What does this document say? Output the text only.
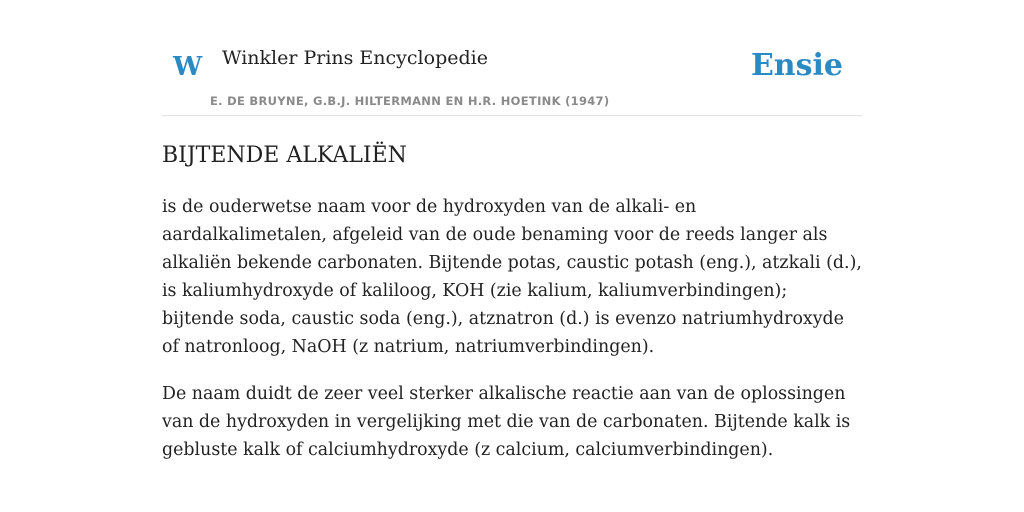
W Winkler Prins Encyclopedie
E. DE BRUYNE, G.B.J. HILTERMANN EN H.R. HOETINK (1947)
Ensie
BIJTENDE ALKALIËN

is de ouderwetse naam voor de hydroxyden van de alkali- en aardalkalimetalen, afgeleid van de oude benaming voor de reeds langer als alkaliën bekende carbonaten. Bijtende potas, caustic potash (eng.), atzkali (d.), is kaliumhydroxyde of kaliloog, KOH (zie kalium, kaliumverbindingen); bijtende soda, caustic soda (eng.), atznatron (d.) is evenzo natriumhydroxyde of natronloog, NaOH (z natrium, natriumverbindingen).

De naam duidt de zeer veel sterker alkalische reactie aan van de oplossingen van de hydroxyden in vergelijking met die van de carbonaten. Bijtende kalk is gebluste kalk of calciumhydroxyde (z calcium, calciumverbindingen).
